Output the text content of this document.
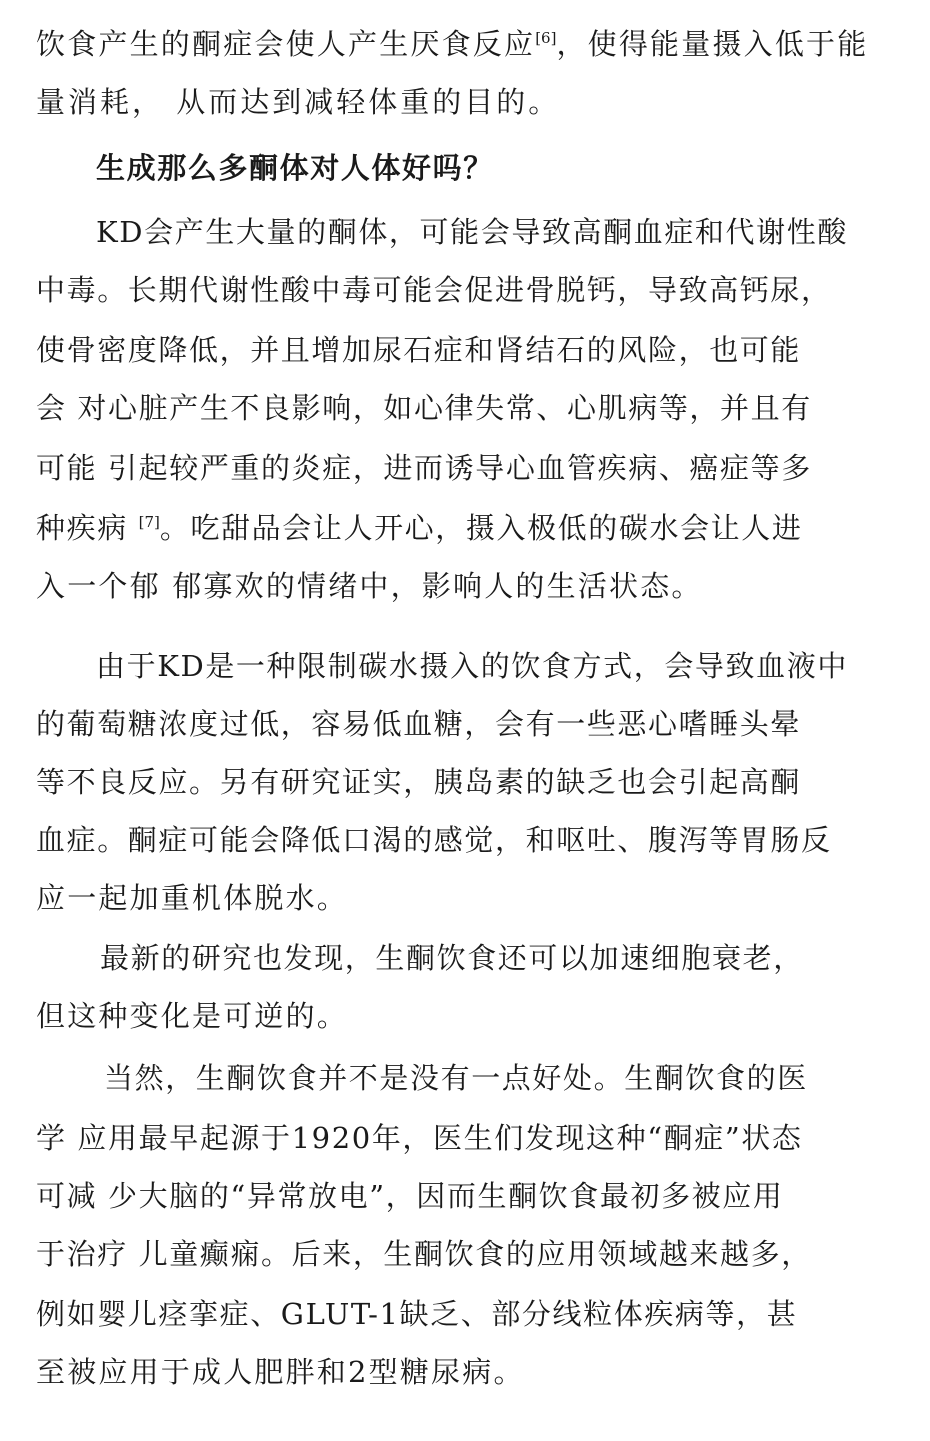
饮食产生的酮症会使人产生厌食反应[6]，使得能量摄入低于能
量消耗， 从而达到减轻体重的目的。
生成那么多酮体对人体好吗？
KD会产生大量的酮体，可能会导致高酮血症和代谢性酸
中毒。长期代谢性酸中毒可能会促进骨脱钙，导致高钙尿，
使骨密度降低，并且增加尿石症和肾结石的风险，也可能
会 对心脏产生不良影响，如心律失常、心肌病等，并且有
可能 引起较严重的炎症，进而诱导心血管疾病、癌症等多
种疾病 [7]。吃甜品会让人开心，摄入极低的碳水会让人进
入一个郁 郁寡欢的情绪中，影响人的生活状态。
由于KD是一种限制碳水摄入的饮食方式，会导致血液中
的葡萄糖浓度过低，容易低血糖，会有一些恶心嗜睡头晕
等不良反应。另有研究证实，胰岛素的缺乏也会引起高酮
血症。酮症可能会降低口渴的感觉，和呕吐、腹泻等胃肠反
应一起加重机体脱水。
最新的研究也发现，生酮饮食还可以加速细胞衰老，
但这种变化是可逆的。
当然，生酮饮食并不是没有一点好处。生酮饮食的医
学 应用最早起源于1920年，医生们发现这种“酮症”状态
可减 少大脑的“异常放电”，因而生酮饮食最初多被应用
于治疗 儿童癫痫。后来，生酮饮食的应用领域越来越多，
例如婴儿痉挛症、GLUT-1缺乏、部分线粒体疾病等，甚
至被应用于成人肥胖和2型糖尿病。
